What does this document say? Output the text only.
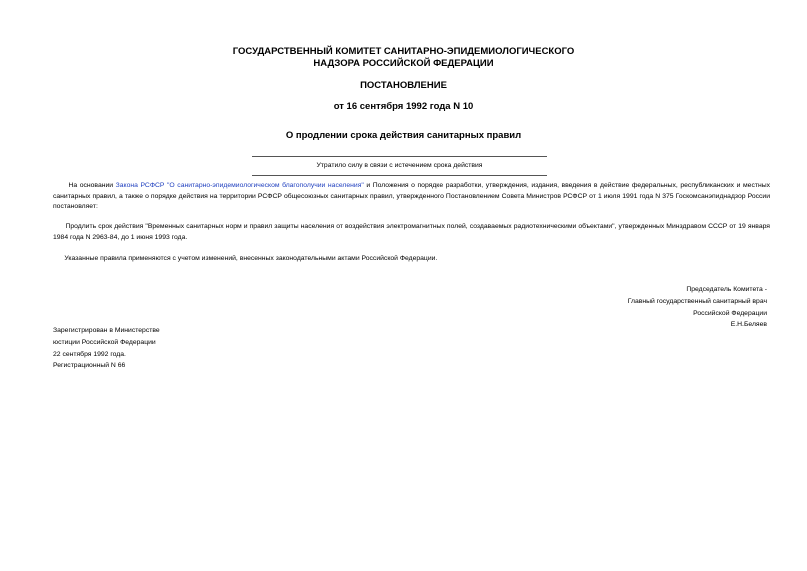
ГОСУДАРСТВЕННЫЙ КОМИТЕТ САНИТАРНО-ЭПИДЕМИОЛОГИЧЕСКОГО
НАДЗОРА РОССИЙСКОЙ ФЕДЕРАЦИИ
ПОСТАНОВЛЕНИЕ
от 16 сентября 1992 года N 10
О продлении срока действия санитарных правил
Утратило силу в связи с истечением срока действия

На основании Закона РСФСР "О санитарно-эпидемиологическом благополучии населения" и Положения о порядке разработки, утверждения, издания, введения в действие федеральных, республиканских и местных санитарных правил, а также о порядке действия на территории РСФСР общесоюзных санитарных правил, утвержденного Постановлением Совета Министров РСФСР от 1 июля 1991 года N 375 Госкомсанэпиднадзор России постановляет:

Продлить срок действия "Временных санитарных норм и правил защиты населения от воздействия электромагнитных полей, создаваемых радиотехническими объектами", утвержденных Минздравом СССР от 19 января 1984 года N 2963-84, до 1 июня 1993 года.

Указанные правила применяются с учетом изменений, внесенных законодательными актами Российской Федерации.

Председатель Комитета -
Главный государственный санитарный врач
Российской Федерации
Е.Н.Беляев
Зарегистрирован в Министерстве
юстиции Российской Федерации
22 сентября 1992 года.
Регистрационный N 66
